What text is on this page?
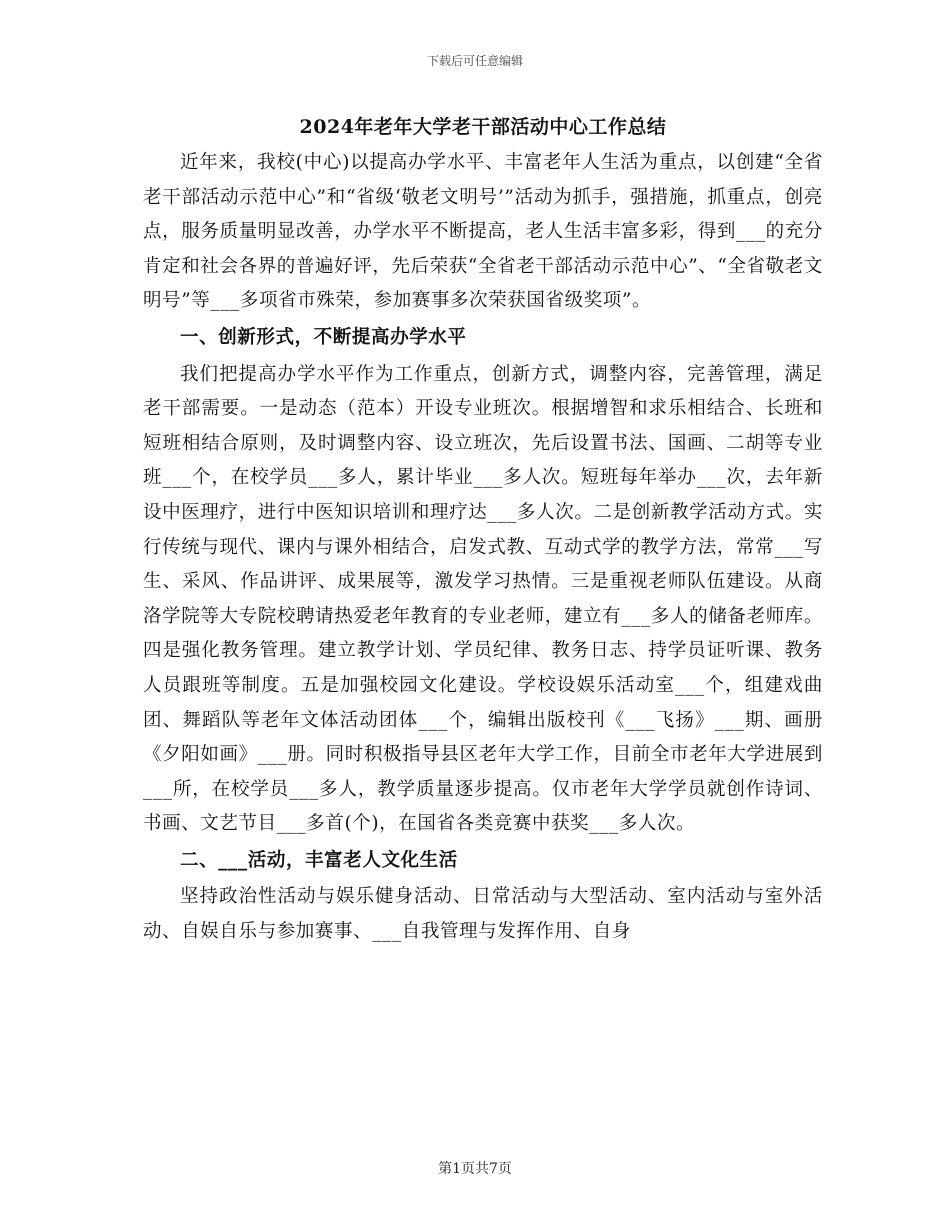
下载后可任意编辑
2024年老年大学老干部活动中心工作总结

近年来，我校(中心)以提高办学水平、丰富老年人生活为重点，以创建“全省老干部活动示范中心”和“省级‘敬老文明号’”活动为抓手，强措施，抓重点，创亮点，服务质量明显改善，办学水平不断提高，老人生活丰富多彩，得到___的充分肯定和社会各界的普遍好评，先后荣获“全省老干部活动示范中心”、“全省敬老文明号”等___多项省市殊荣，参加赛事多次荣获国省级奖项”。

一、创新形式，不断提高办学水平

我们把提高办学水平作为工作重点，创新方式，调整内容，完善管理，满足老干部需要。一是动态（范本）开设专业班次。根据增智和求乐相结合、长班和短班相结合原则，及时调整内容、设立班次，先后设置书法、国画、二胡等专业班___个，在校学员___多人，累计毕业___多人次。短班每年举办___次，去年新设中医理疗，进行中医知识培训和理疗达___多人次。二是创新教学活动方式。实行传统与现代、课内与课外相结合，启发式教、互动式学的教学方法，常常___写生、采风、作品讲评、成果展等，激发学习热情。三是重视老师队伍建设。从商洛学院等大专院校聘请热爱老年教育的专业老师，建立有___多人的储备老师库。四是强化教务管理。建立教学计划、学员纪律、教务日志、持学员证听课、教务人员跟班等制度。五是加强校园文化建设。学校设娱乐活动室___个，组建戏曲团、舞蹈队等老年文体活动团体___个，编辑出版校刊《___飞扬》___期、画册《夕阳如画》___册。同时积极指导县区老年大学工作，目前全市老年大学进展到___所，在校学员___多人，教学质量逐步提高。仅市老年大学学员就创作诗词、书画、文艺节目___多首(个)，在国省各类竞赛中获奖___多人次。

二、___活动，丰富老人文化生活

坚持政治性活动与娱乐健身活动、日常活动与大型活动、室内活动与室外活动、自娱自乐与参加赛事、___自我管理与发挥作用、自身

第1页共7页
